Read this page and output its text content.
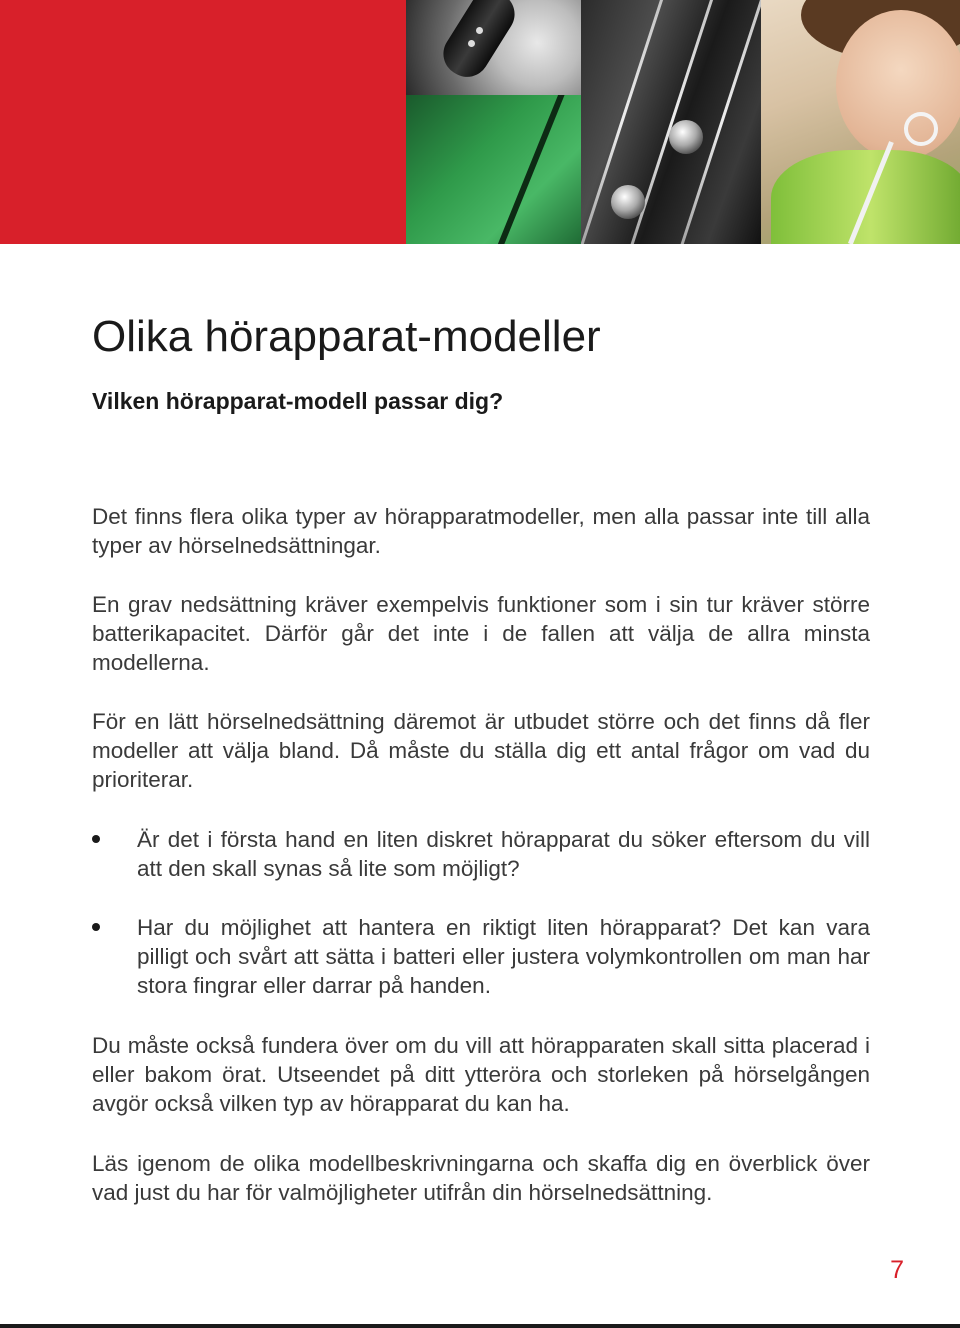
Olika hörapparat-modeller
Vilken hörapparat-modell passar dig?

Det finns flera olika typer av hörapparatmodeller, men alla passar inte till alla typer av hörselnedsättningar.

En grav nedsättning kräver exempelvis funktioner som i sin tur kräver större batterikapacitet. Därför går det inte i de fallen att välja de allra minsta modellerna.

För en lätt hörselnedsättning däremot är utbudet större och det finns då fler modeller att välja bland. Då måste du ställa dig ett antal frågor om vad du prioriterar.

Är det i första hand en liten diskret hörapparat du söker eftersom du vill att den skall synas så lite som möjligt?

Har du möjlighet att hantera en riktigt liten hörapparat? Det kan vara pilligt och svårt att sätta i batteri eller justera volymkontrollen om man har stora fingrar eller darrar på handen.

Du måste också fundera över om du vill att hörapparaten skall sitta placerad i eller bakom örat. Utseendet på ditt ytteröra och storleken på hörselgången avgör också vilken typ av hörapparat du kan ha.

Läs igenom de olika modellbeskrivningarna och skaffa dig en överblick över vad just du har för valmöjligheter utifrån din hörselnedsättning.

7
